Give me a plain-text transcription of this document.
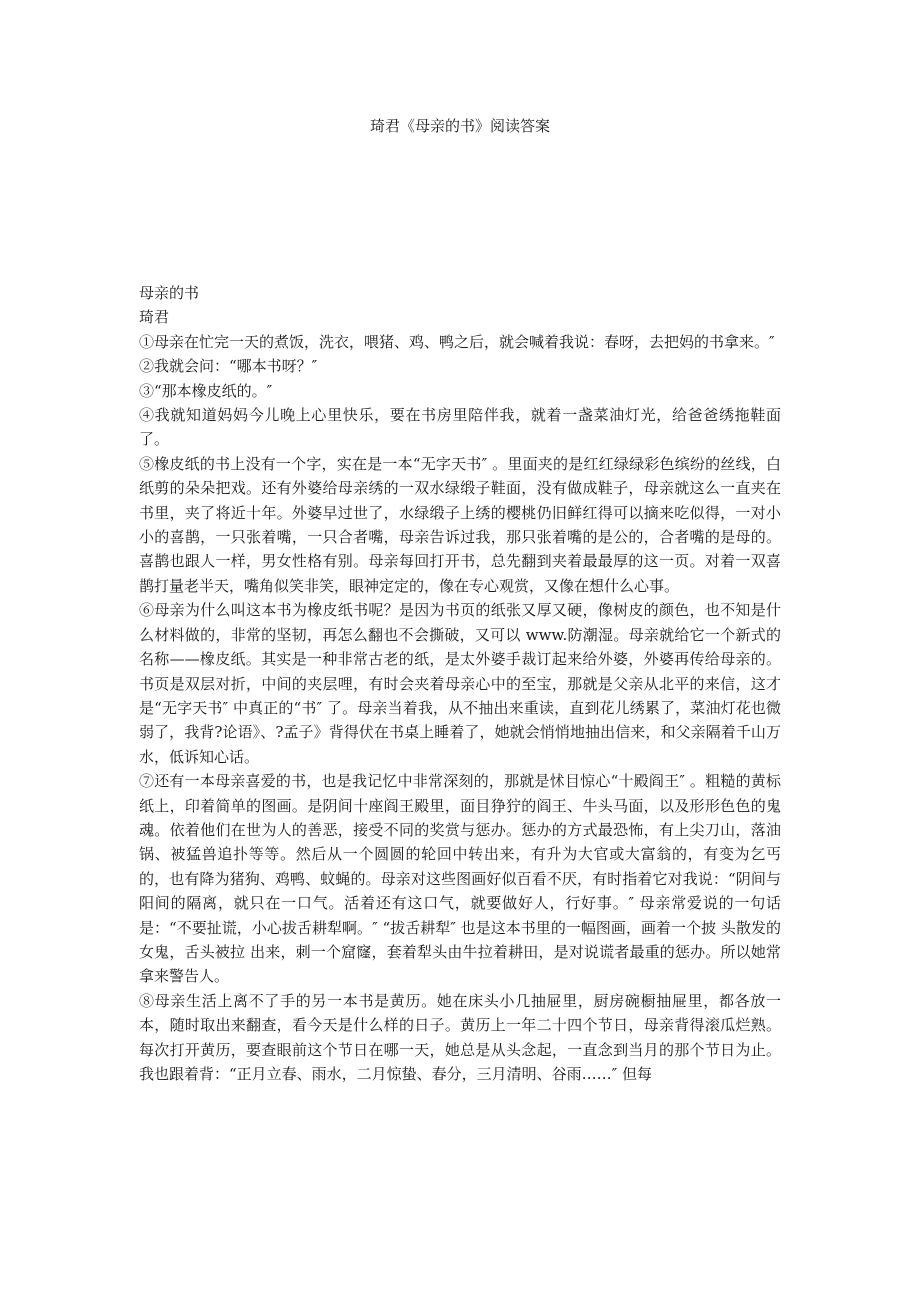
琦君《母亲的书》阅读答案

母亲的书

琦君

①母亲在忙完一天的煮饭，洗衣，喂猪、鸡、鸭之后，就会喊着我说：春呀，去把妈的书拿来。″

②我就会问：“哪本书呀？″

③“那本橡皮纸的。″

④我就知道妈妈今儿晚上心里快乐，要在书房里陪伴我，就着一盏菜油灯光，给爸爸绣拖鞋面了。

⑤橡皮纸的书上没有一个字，实在是一本“无字天书″ 。里面夹的是红红绿绿彩色缤纷的丝线，白纸剪的朵朵把戏。还有外婆给母亲绣的一双水绿缎子鞋面，没有做成鞋子，母亲就这么一直夹在书里，夹了将近十年。外婆早过世了，水绿缎子上绣的樱桃仍旧鲜红得可以摘来吃似得，一对小小的喜鹊，一只张着嘴，一只合者嘴，母亲告诉过我，那只张着嘴的是公的，合者嘴的是母的。喜鹊也跟人一样，男女性格有别。母亲每回打开书，总先翻到夹着最最厚的这一页。对着一双喜鹊打量老半天，嘴角似笑非笑，眼神定定的，像在专心观赏，又像在想什么心事。

⑥母亲为什么叫这本书为橡皮纸书呢？是因为书页的纸张又厚又硬，像树皮的颜色，也不知是什么材料做的，非常的坚韧，再怎么翻也不会撕破，又可以 www.防潮湿。母亲就给它一个新式的名称——橡皮纸。其实是一种非常古老的纸，是太外婆手裁订起来给外婆，外婆再传给母亲的。书页是双层对折，中间的夹层哩，有时会夹着母亲心中的至宝，那就是父亲从北平的来信，这才是“无字天书″ 中真正的“书″ 了。母亲当着我，从不抽出来重读，直到花儿绣累了，菜油灯花也微弱了，我背?论语》、?孟子》背得伏在书桌上睡着了，她就会悄悄地抽出信来，和父亲隔着千山万水，低诉知心话。

⑦还有一本母亲喜爱的书，也是我记忆中非常深刻的，那就是怵目惊心“十殿阎王″ 。粗糙的黄标纸上，印着简单的图画。是阴间十座阎王殿里，面目狰狞的阎王、牛头马面，以及形形色色的鬼魂。依着他们在世为人的善恶，接受不同的奖赏与惩办。惩办的方式最恐怖，有上尖刀山，落油锅、被猛兽追扑等等。然后从一个圆圆的轮回中转出来，有升为大官或大富翁的，有变为乞丐的，也有降为猪狗、鸡鸭、蚊蝇的。母亲对这些图画好似百看不厌，有时指着它对我说：“阴间与 阳间的隔离，就只在一口气。活着还有这口气，就要做好人，行好事。″ 母亲常爱说的一句话是：“不要扯谎，小心拔舌耕犁啊。″ “拔舌耕犁″ 也是这本书里的一幅图画，画着一个披 头散发的女鬼，舌头被拉 出来，刺一个窟窿，套着犁头由牛拉着耕田，是对说谎者最重的惩办。所以她常拿来警告人。

⑧母亲生活上离不了手的另一本书是黄历。她在床头小几抽屉里，厨房碗橱抽屉里，都各放一本，随时取出来翻查，看今天是什么样的日子。黄历上一年二十四个节日，母亲背得滚瓜烂熟。每次打开黄历，要查眼前这个节日在哪一天，她总是从头念起，一直念到当月的那个节日为止。我也跟着背：“正月立春、雨水，二月惊蛰、春分，三月清明、谷雨……″ 但每
